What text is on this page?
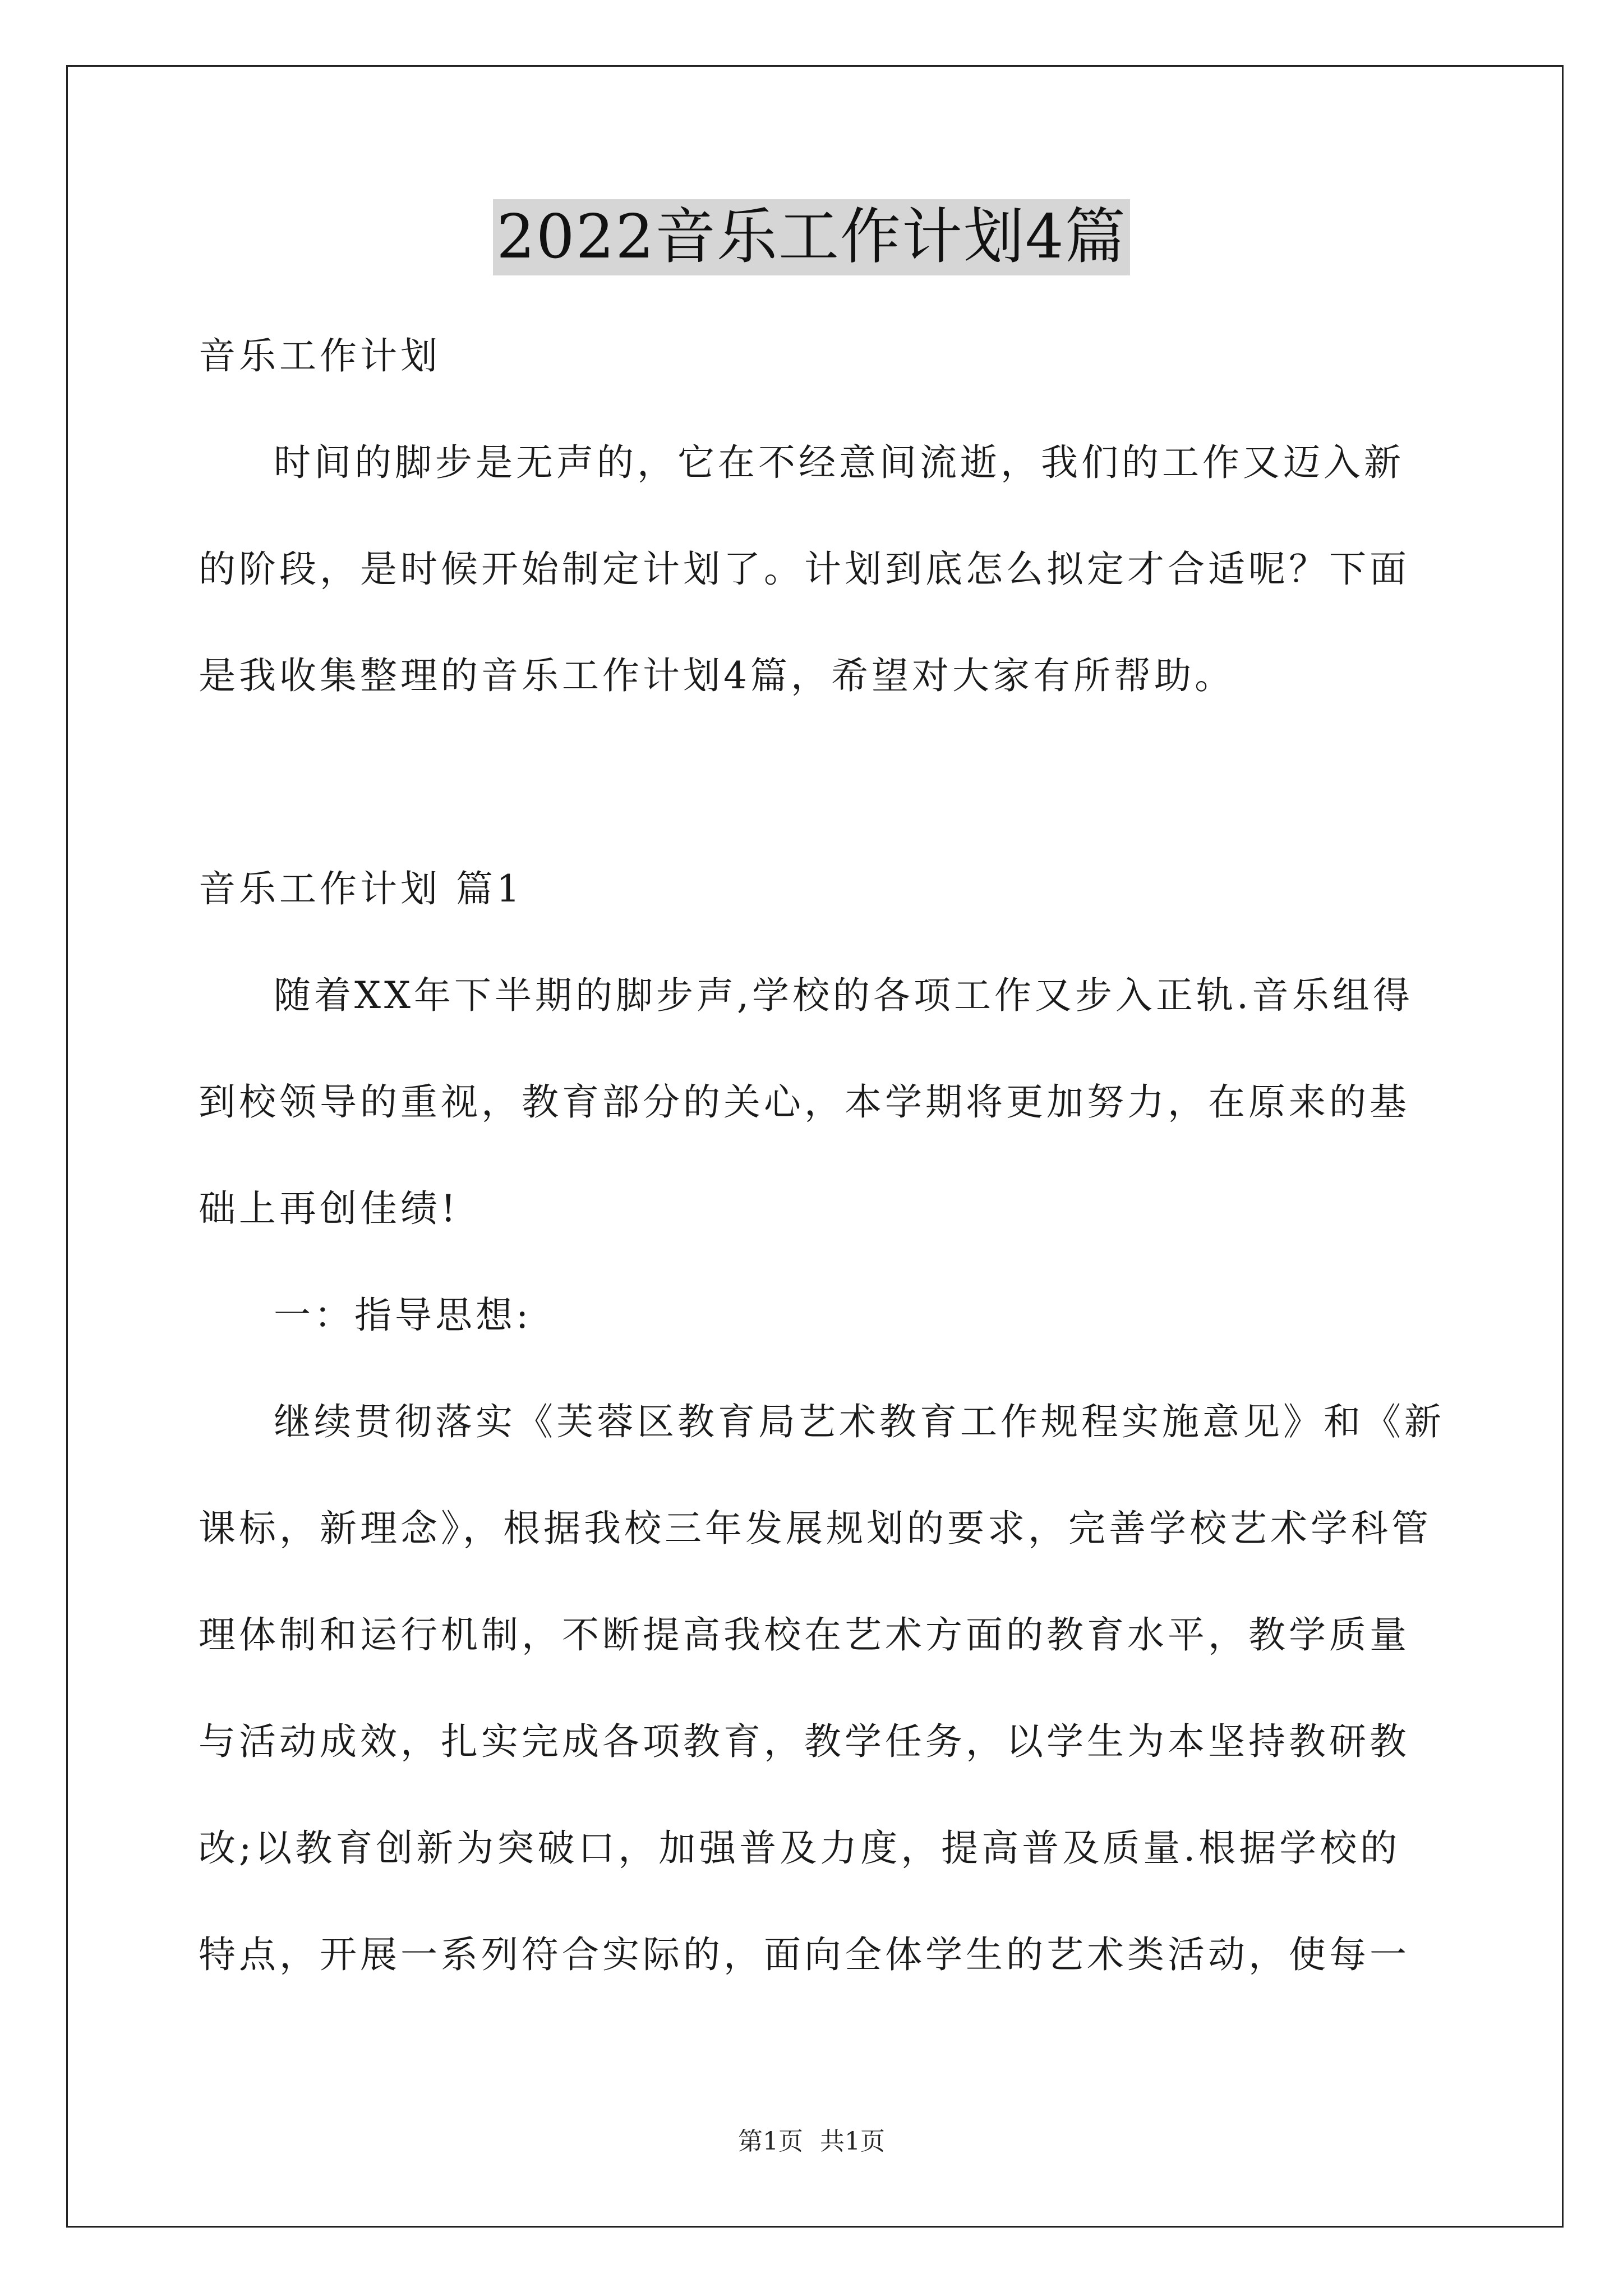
2022音乐工作计划4篇
音乐工作计划
时间的脚步是无声的，它在不经意间流逝，我们的工作又迈入新
的阶段，是时候开始制定计划了。计划到底怎么拟定才合适呢？下面
是我收集整理的音乐工作计划4篇，希望对大家有所帮助。
音乐工作计划 篇1
随着XX年下半期的脚步声,学校的各项工作又步入正轨.音乐组得
到校领导的重视，教育部分的关心，本学期将更加努力，在原来的基
础上再创佳绩!
一：指导思想:
继续贯彻落实《芙蓉区教育局艺术教育工作规程实施意见》和《新
课标，新理念》，根据我校三年发展规划的要求，完善学校艺术学科管
理体制和运行机制，不断提高我校在艺术方面的教育水平，教学质量
与活动成效，扎实完成各项教育，教学任务，以学生为本坚持教研教
改;以教育创新为突破口，加强普及力度，提高普及质量.根据学校的
特点，开展一系列符合实际的，面向全体学生的艺术类活动，使每一
第1页 共1页
